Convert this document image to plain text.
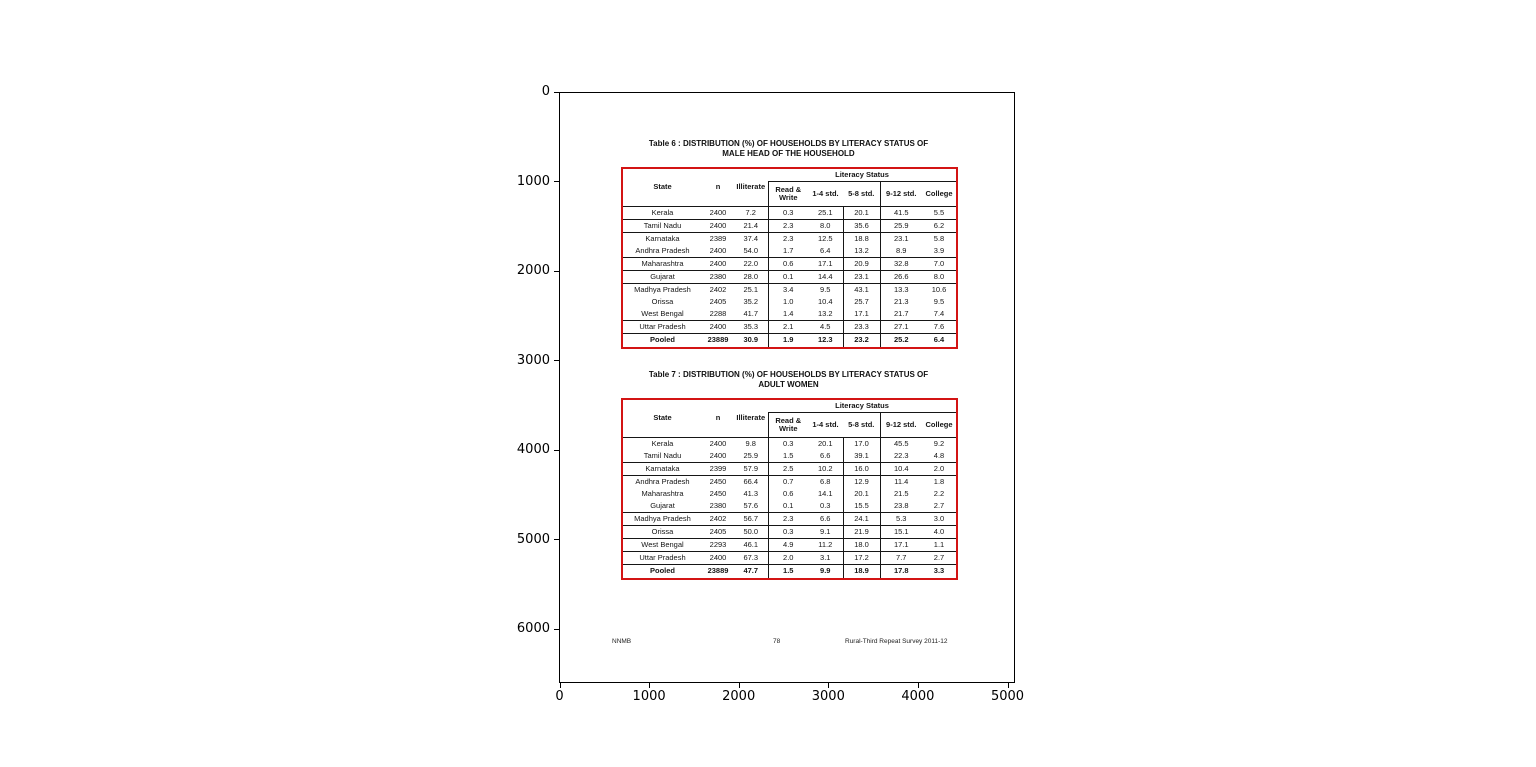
0
1000
2000
3000
4000
5000
6000
0	1000	2000	3000	4000	5000
Table 6 : DISTRIBUTION (%) OF HOUSEHOLDS BY LITERACY STATUS OF
MALE HEAD OF THE HOUSEHOLD
State	n	Illiterate	Literacy Status				
			Read & Write	1-4 std.	5-8 std.	9-12 std.	College
Kerala	2400	7.2	0.3	25.1	20.1	41.5	5.5
Tamil Nadu	2400	21.4	2.3	8.0	35.6	25.9	6.2
Karnataka	2389	37.4	2.3	12.5	18.8	23.1	5.8
Andhra Pradesh	2400	54.0	1.7	6.4	13.2	8.9	3.9
Maharashtra	2400	22.0	0.6	17.1	20.9	32.8	7.0
Gujarat	2380	28.0	0.1	14.4	23.1	26.6	8.0
Madhya Pradesh	2402	25.1	3.4	9.5	43.1	13.3	10.6
Orissa	2405	35.2	1.0	10.4	25.7	21.3	9.5
West Bengal	2288	41.7	1.4	13.2	17.1	21.7	7.4
Uttar Pradesh	2400	35.3	2.1	4.5	23.3	27.1	7.6
Pooled	23889	30.9	1.9	12.3	23.2	25.2	6.4
Table 7 : DISTRIBUTION (%) OF HOUSEHOLDS BY LITERACY STATUS OF
ADULT WOMEN
State	n	Illiterate	Literacy Status				
			Read & Write	1-4 std.	5-8 std.	9-12 std.	College
Kerala	2400	9.8	0.3	20.1	17.0	45.5	9.2
Tamil Nadu	2400	25.9	1.5	6.6	39.1	22.3	4.8
Karnataka	2399	57.9	2.5	10.2	16.0	10.4	2.0
Andhra Pradesh	2450	66.4	0.7	6.8	12.9	11.4	1.8
Maharashtra	2450	41.3	0.6	14.1	20.1	21.5	2.2
Gujarat	2380	57.6	0.1	0.3	15.5	23.8	2.7
Madhya Pradesh	2402	56.7	2.3	6.6	24.1	5.3	3.0
Orissa	2405	50.0	0.3	9.1	21.9	15.1	4.0
West Bengal	2293	46.1	4.9	11.2	18.0	17.1	1.1
Uttar Pradesh	2400	67.3	2.0	3.1	17.2	7.7	2.7
Pooled	23889	47.7	1.5	9.9	18.9	17.8	3.3
NNMB	78	Rural-Third Repeat Survey 2011-12
